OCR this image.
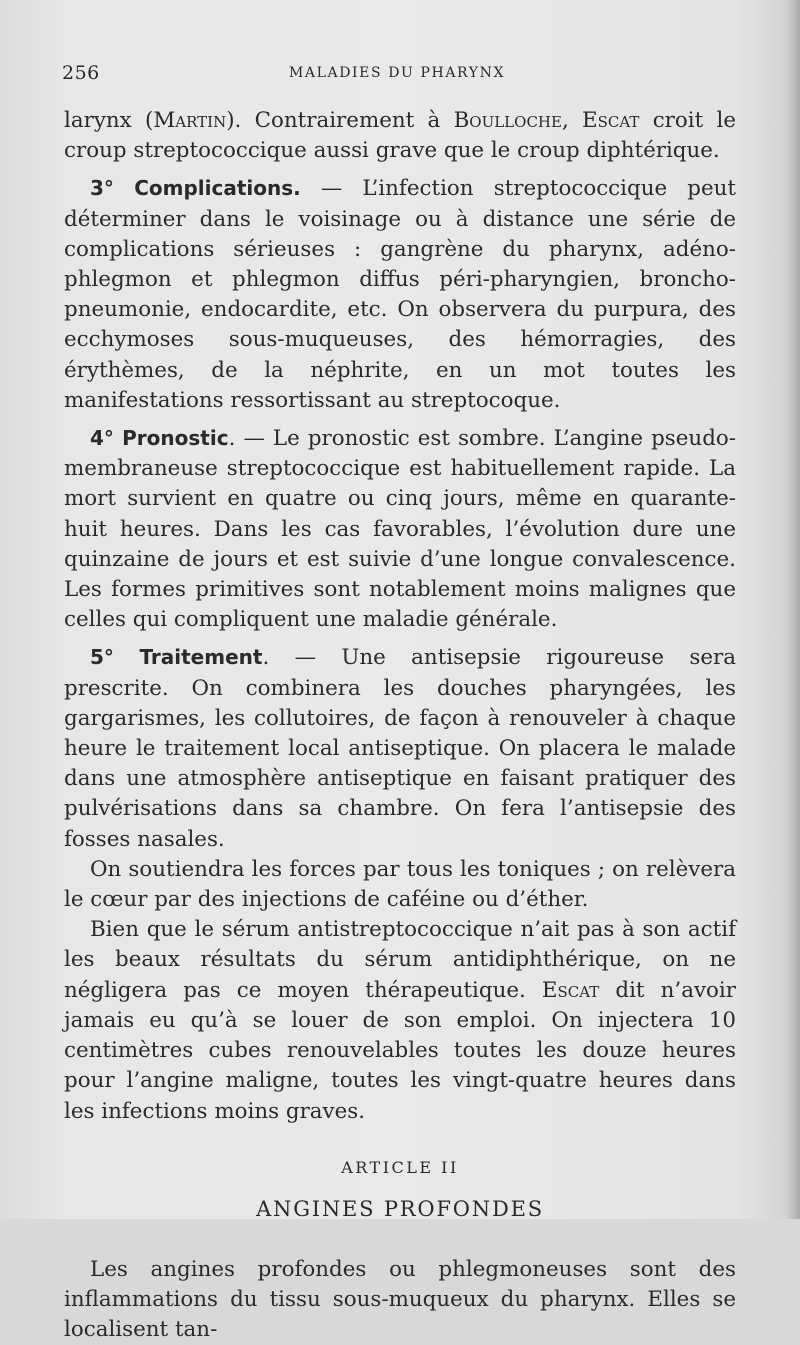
256	MALADIES DU PHARYNX

larynx (Martin). Contrairement à Boulloche, Escat croit le croup streptococcique aussi grave que le croup diphtérique.

3° Complications. — L’infection streptococcique peut déterminer dans le voisinage ou à distance une série de complications sérieuses : gangrène du pharynx, adéno-phlegmon et phlegmon diffus péri-pharyngien, broncho-pneumonie, endocardite, etc. On observera du purpura, des ecchymoses sous-muqueuses, des hémorragies, des érythèmes, de la néphrite, en un mot toutes les manifestations ressortissant au streptocoque.

4° Pronostic. — Le pronostic est sombre. L’angine pseudo-membraneuse streptococcique est habituellement rapide. La mort survient en quatre ou cinq jours, même en quarante-huit heures. Dans les cas favorables, l’évolution dure une quinzaine de jours et est suivie d’une longue convalescence. Les formes primitives sont notablement moins malignes que celles qui compliquent une maladie générale.

5° Traitement. — Une antisepsie rigoureuse sera prescrite. On combinera les douches pharyngées, les gargarismes, les collutoires, de façon à renouveler à chaque heure le traitement local antiseptique. On placera le malade dans une atmosphère antiseptique en faisant pratiquer des pulvérisations dans sa chambre. On fera l’antisepsie des fosses nasales.

On soutiendra les forces par tous les toniques ; on relèvera le cœur par des injections de caféine ou d’éther.

Bien que le sérum antistreptococcique n’ait pas à son actif les beaux résultats du sérum antidiphthérique, on ne négligera pas ce moyen thérapeutique. Escat dit n’avoir jamais eu qu’à se louer de son emploi. On injectera 10 centimètres cubes renouvelables toutes les douze heures pour l’angine maligne, toutes les vingt-quatre heures dans les infections moins graves.

ARTICLE II

ANGINES PROFONDES

Les angines profondes ou phlegmoneuses sont des inflammations du tissu sous-muqueux du pharynx. Elles se localisent tan-
